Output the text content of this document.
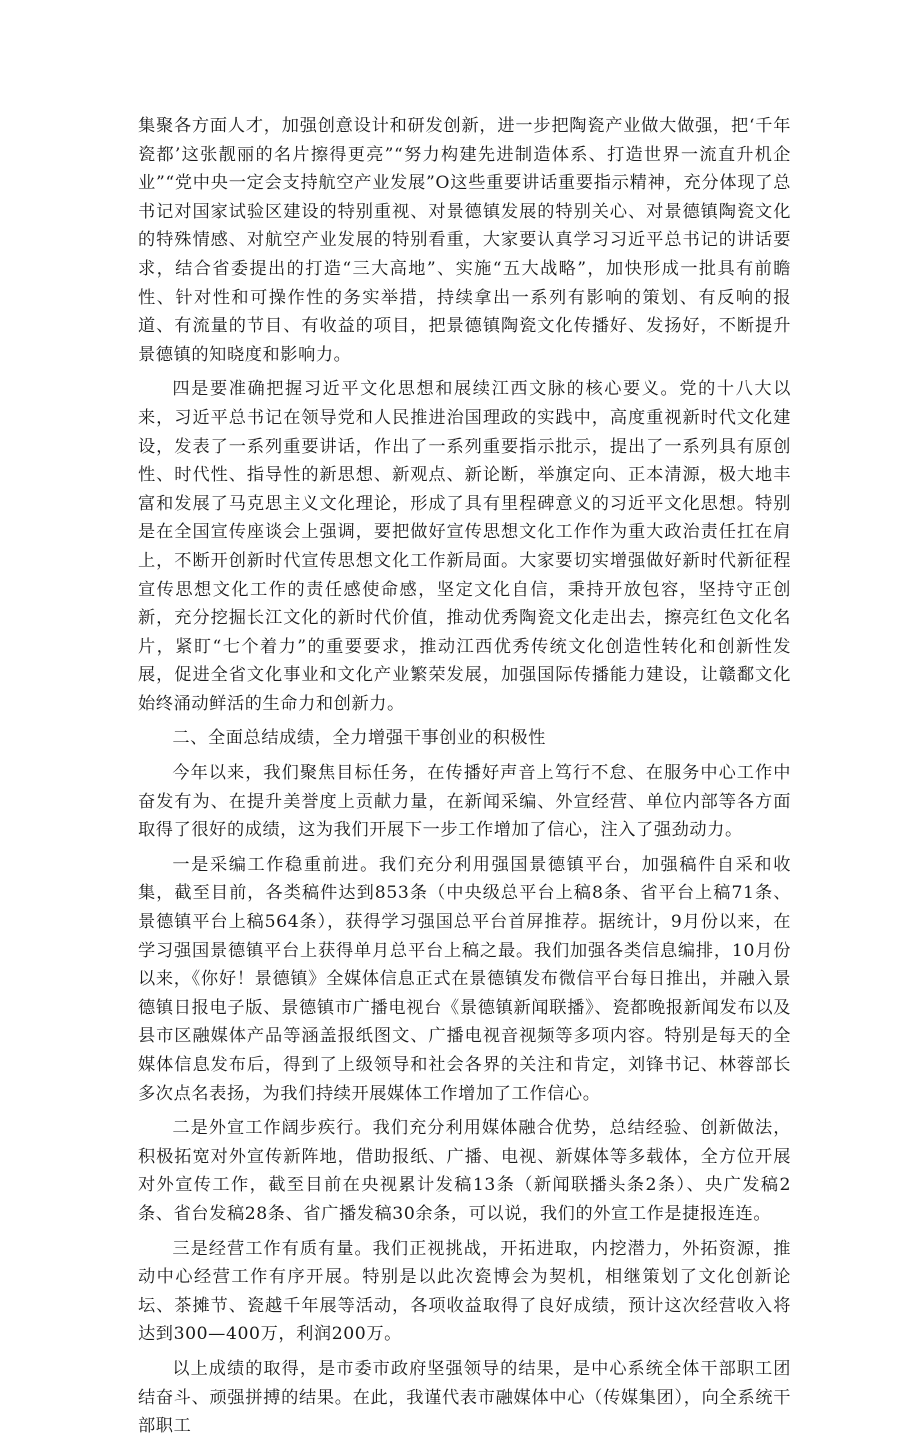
集聚各方面人才，加强创意设计和研发创新，进一步把陶瓷产业做大做强，把‘千年瓷都’这张靓丽的名片擦得更亮”“努力构建先进制造体系、打造世界一流直升机企业”“党中央一定会支持航空产业发展”O这些重要讲话重要指示精神，充分体现了总书记对国家试验区建设的特别重视、对景德镇发展的特别关心、对景德镇陶瓷文化的特殊情感、对航空产业发展的特别看重，大家要认真学习习近平总书记的讲话要求，结合省委提出的打造“三大高地”、实施“五大战略”，加快形成一批具有前瞻性、针对性和可操作性的务实举措，持续拿出一系列有影响的策划、有反响的报道、有流量的节目、有收益的项目，把景德镇陶瓷文化传播好、发扬好，不断提升景德镇的知晓度和影响力。

四是要准确把握习近平文化思想和展续江西文脉的核心要义。党的十八大以来，习近平总书记在领导党和人民推进治国理政的实践中，高度重视新时代文化建设，发表了一系列重要讲话，作出了一系列重要指示批示，提出了一系列具有原创性、时代性、指导性的新思想、新观点、新论断，举旗定向、正本清源，极大地丰富和发展了马克思主义文化理论，形成了具有里程碑意义的习近平文化思想。特别是在全国宣传座谈会上强调，要把做好宣传思想文化工作作为重大政治责任扛在肩上，不断开创新时代宣传思想文化工作新局面。大家要切实增强做好新时代新征程宣传思想文化工作的责任感使命感，坚定文化自信，秉持开放包容，坚持守正创新，充分挖掘长江文化的新时代价值，推动优秀陶瓷文化走出去，擦亮红色文化名片，紧盯“七个着力”的重要要求，推动江西优秀传统文化创造性转化和创新性发展，促进全省文化事业和文化产业繁荣发展，加强国际传播能力建设，让赣鄱文化始终涌动鲜活的生命力和创新力。

二、全面总结成绩，全力增强干事创业的积极性

今年以来，我们聚焦目标任务，在传播好声音上笃行不怠、在服务中心工作中奋发有为、在提升美誉度上贡献力量，在新闻采编、外宣经营、单位内部等各方面取得了很好的成绩，这为我们开展下一步工作增加了信心，注入了强劲动力。

一是采编工作稳重前进。我们充分利用强国景德镇平台，加强稿件自采和收集，截至目前，各类稿件达到853条（中央级总平台上稿8条、省平台上稿71条、景德镇平台上稿564条），获得学习强国总平台首屏推荐。据统计，9月份以来，在学习强国景德镇平台上获得单月总平台上稿之最。我们加强各类信息编排，10月份以来，《你好！景德镇》全媒体信息正式在景德镇发布微信平台每日推出，并融入景德镇日报电子版、景德镇市广播电视台《景德镇新闻联播》、瓷都晚报新闻发布以及县市区融媒体产品等涵盖报纸图文、广播电视音视频等多项内容。特别是每天的全媒体信息发布后，得到了上级领导和社会各界的关注和肯定，刘锋书记、林蓉部长多次点名表扬，为我们持续开展媒体工作增加了工作信心。

二是外宣工作阔步疾行。我们充分利用媒体融合优势，总结经验、创新做法，积极拓宽对外宣传新阵地，借助报纸、广播、电视、新媒体等多载体，全方位开展对外宣传工作，截至目前在央视累计发稿13条（新闻联播头条2条）、央广发稿2条、省台发稿28条、省广播发稿30余条，可以说，我们的外宣工作是捷报连连。

三是经营工作有质有量。我们正视挑战，开拓进取，内挖潜力，外拓资源，推动中心经营工作有序开展。特别是以此次瓷博会为契机，相继策划了文化创新论坛、茶摊节、瓷越千年展等活动，各项收益取得了良好成绩，预计这次经营收入将达到300—400万，利润200万。

以上成绩的取得，是市委市政府坚强领导的结果，是中心系统全体干部职工团结奋斗、顽强拼搏的结果。在此，我谨代表市融媒体中心（传媒集团），向全系统干部职工
